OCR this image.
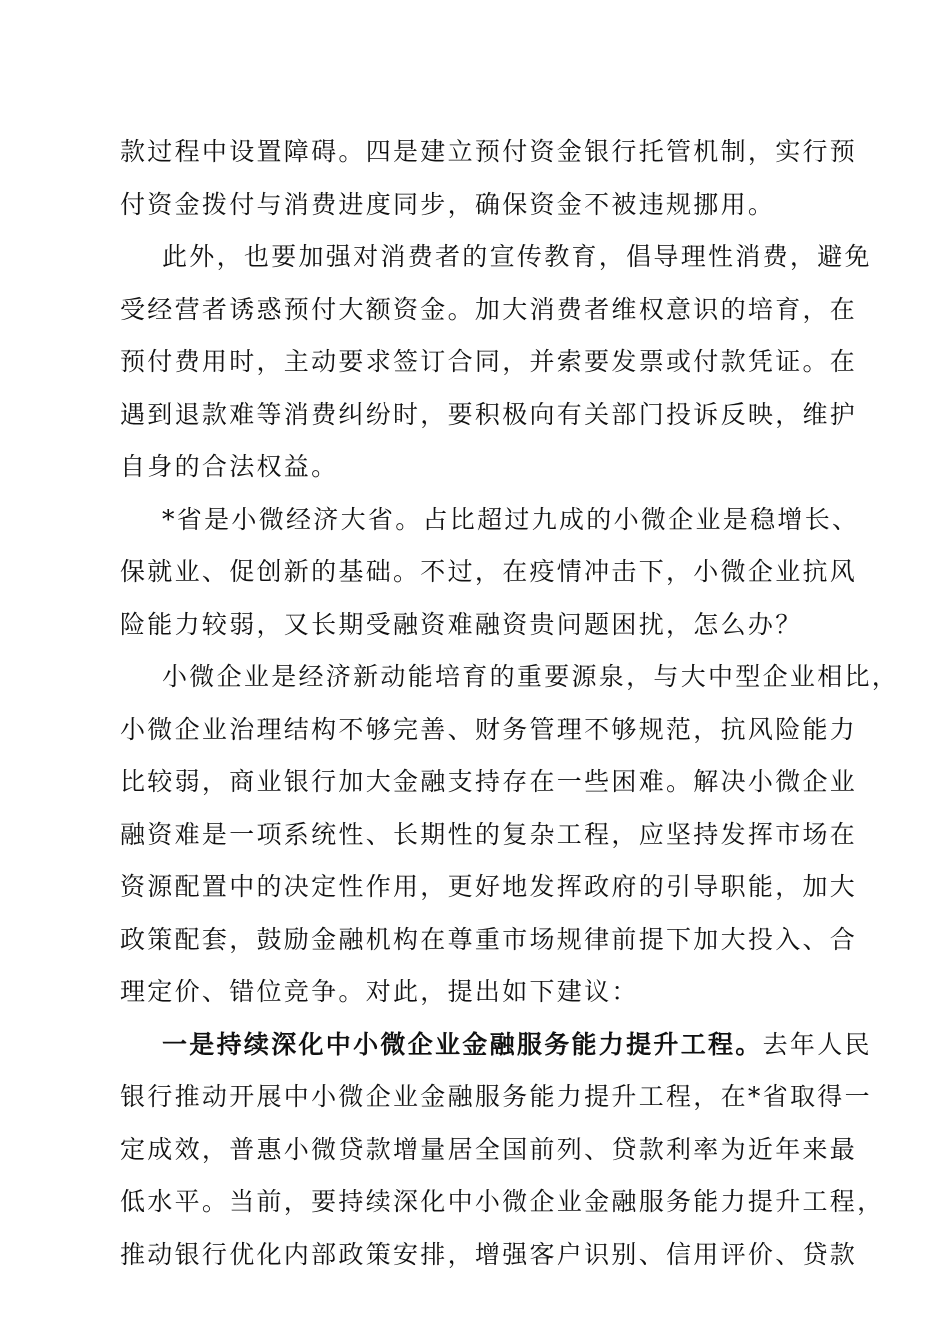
款过程中设置障碍。四是建立预付资金银行托管机制，实行预
付资金拨付与消费进度同步，确保资金不被违规挪用。
此外，也要加强对消费者的宣传教育，倡导理性消费，避免
受经营者诱惑预付大额资金。加大消费者维权意识的培育，在
预付费用时，主动要求签订合同，并索要发票或付款凭证。在
遇到退款难等消费纠纷时，要积极向有关部门投诉反映，维护
自身的合法权益。
*省是小微经济大省。占比超过九成的小微企业是稳增长、
保就业、促创新的基础。不过，在疫情冲击下，小微企业抗风
险能力较弱，又长期受融资难融资贵问题困扰，怎么办？
小微企业是经济新动能培育的重要源泉，与大中型企业相比，
小微企业治理结构不够完善、财务管理不够规范，抗风险能力
比较弱，商业银行加大金融支持存在一些困难。解决小微企业
融资难是一项系统性、长期性的复杂工程，应坚持发挥市场在
资源配置中的决定性作用，更好地发挥政府的引导职能，加大
政策配套，鼓励金融机构在尊重市场规律前提下加大投入、合
理定价、错位竞争。对此，提出如下建议：
一是持续深化中小微企业金融服务能力提升工程。去年人民
银行推动开展中小微企业金融服务能力提升工程，在*省取得一
定成效，普惠小微贷款增量居全国前列、贷款利率为近年来最
低水平。当前，要持续深化中小微企业金融服务能力提升工程，
推动银行优化内部政策安排，增强客户识别、信用评价、贷款
